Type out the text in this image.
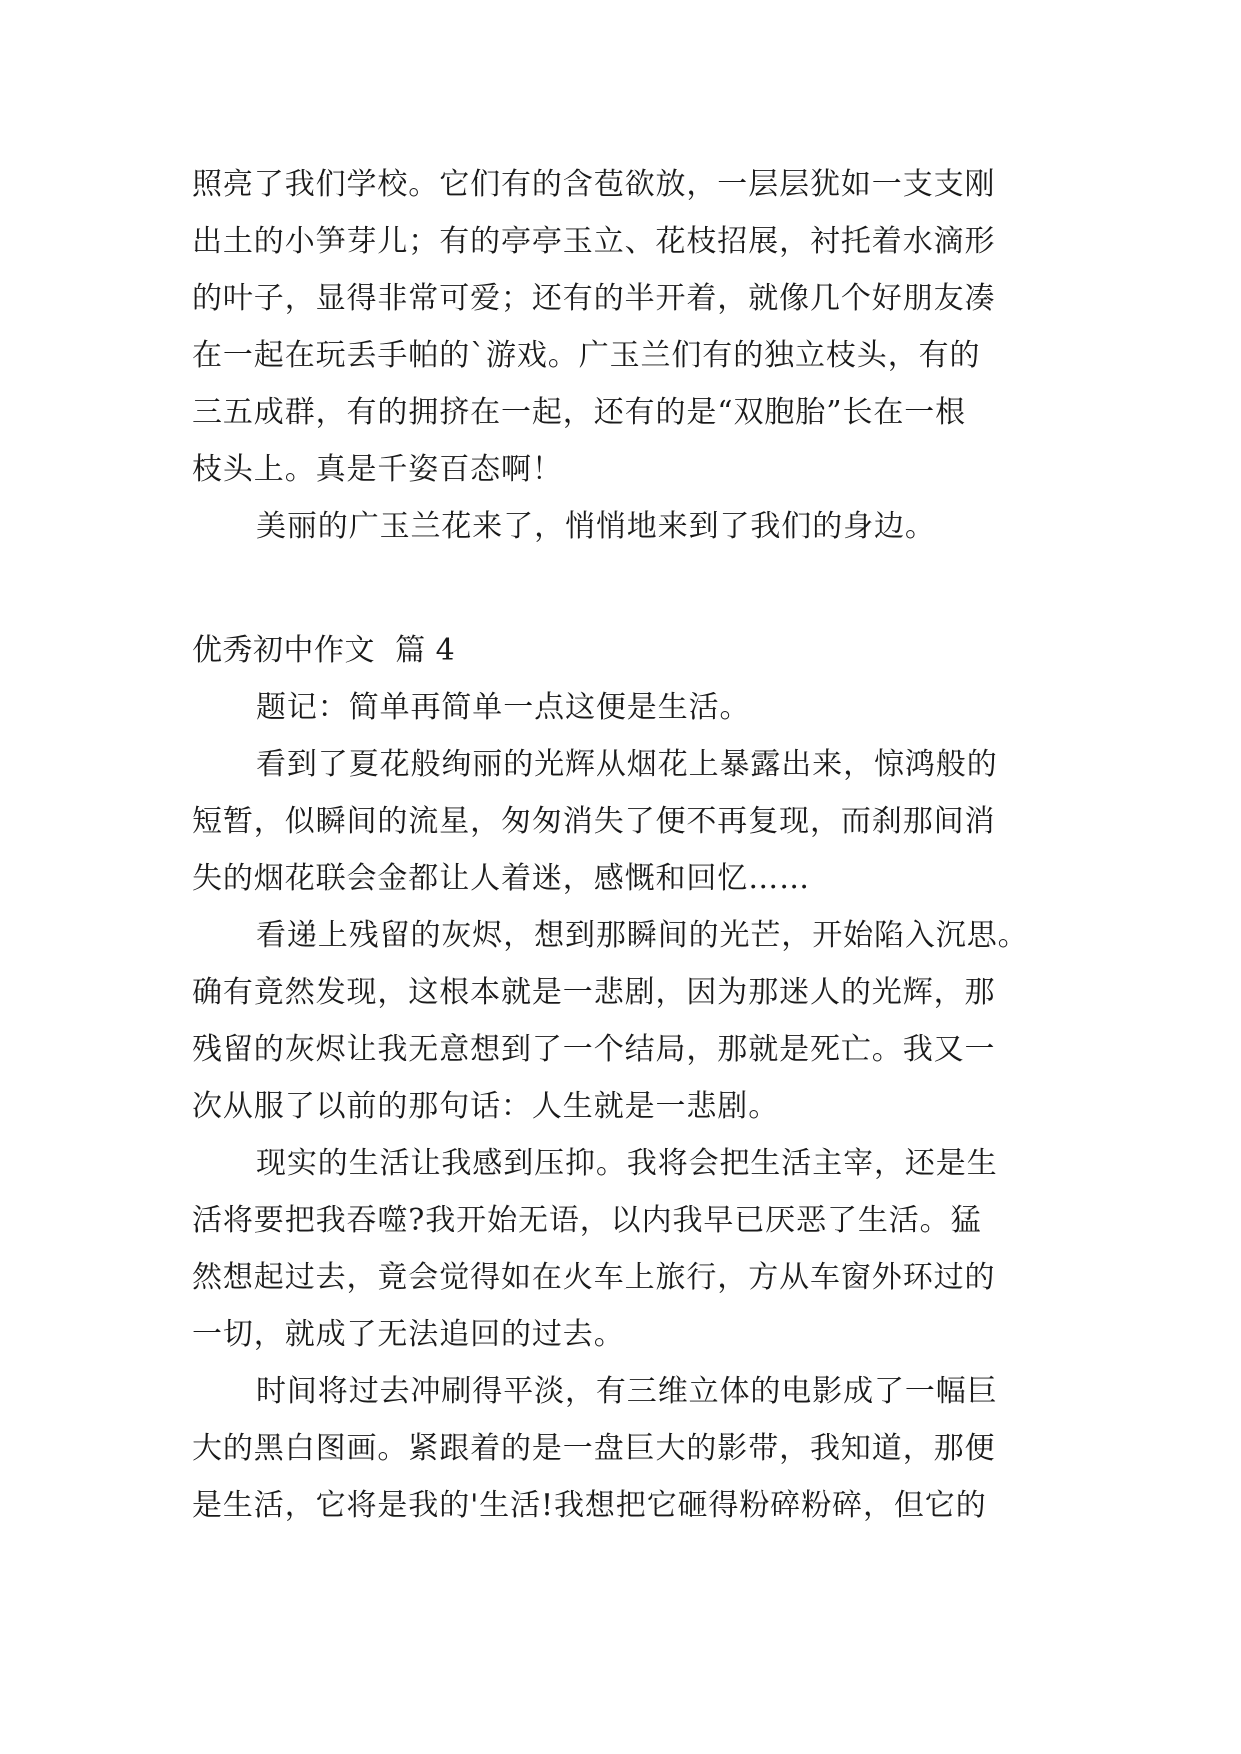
照亮了我们学校。它们有的含苞欲放，一层层犹如一支支刚
出土的小笋芽儿；有的亭亭玉立、花枝招展，衬托着水滴形
的叶子，显得非常可爱；还有的半开着，就像几个好朋友凑
在一起在玩丢手帕的`游戏。广玉兰们有的独立枝头，有的
三五成群，有的拥挤在一起，还有的是“双胞胎”长在一根
枝头上。真是千姿百态啊！
美丽的广玉兰花来了，悄悄地来到了我们的身边。
优秀初中作文  篇 4
题记：简单再简单一点这便是生活。
看到了夏花般绚丽的光辉从烟花上暴露出来，惊鸿般的
短暂，似瞬间的流星，匆匆消失了便不再复现，而刹那间消
失的烟花联会金都让人着迷，感慨和回忆……
看递上残留的灰烬，想到那瞬间的光芒，开始陷入沉思。
确有竟然发现，这根本就是一悲剧，因为那迷人的光辉，那
残留的灰烬让我无意想到了一个结局，那就是死亡。我又一
次从服了以前的那句话：人生就是一悲剧。
现实的生活让我感到压抑。我将会把生活主宰，还是生
活将要把我吞噬?我开始无语，以内我早已厌恶了生活。猛
然想起过去，竟会觉得如在火车上旅行，方从车窗外环过的
一切，就成了无法追回的过去。
时间将过去冲刷得平淡，有三维立体的电影成了一幅巨
大的黑白图画。紧跟着的是一盘巨大的影带，我知道，那便
是生活，它将是我的'生活!我想把它砸得粉碎粉碎，但它的
